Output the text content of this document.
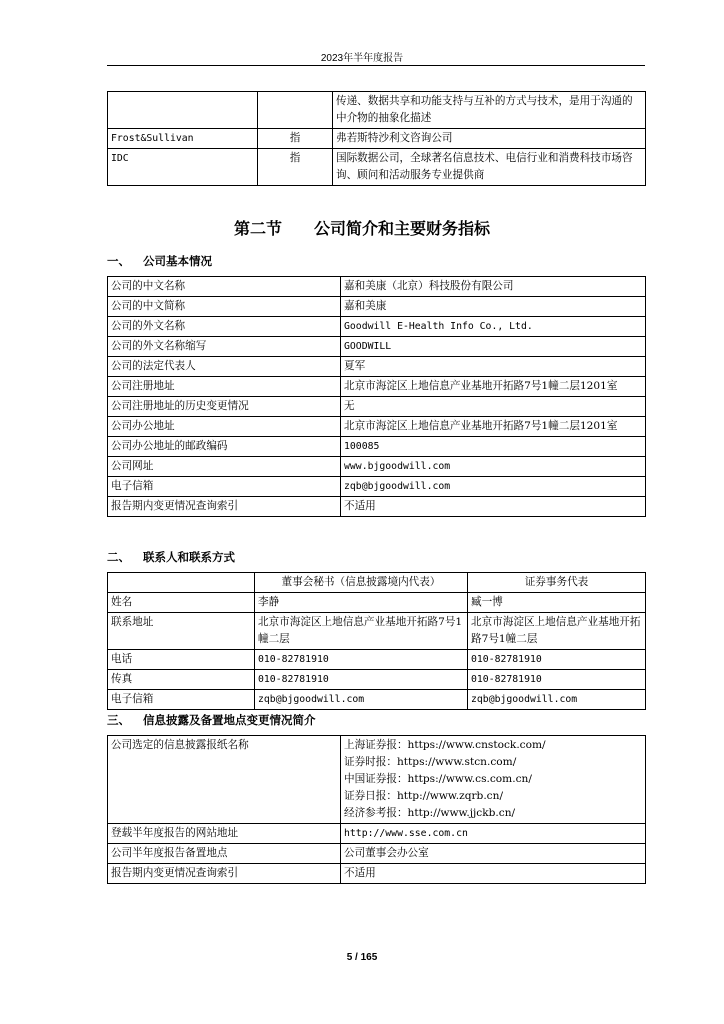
2023年半年度报告
		传递、数据共享和功能支持与互补的方式与技术，是用于沟通的中介物的抽象化描述
Frost&Sullivan	指	弗若斯特沙利文咨询公司
IDC	指	国际数据公司，全球著名信息技术、电信行业和消费科技市场咨询、顾问和活动服务专业提供商
第二节　　公司简介和主要财务指标
一、 公司基本情况
公司的中文名称	嘉和美康（北京）科技股份有限公司
公司的中文简称	嘉和美康
公司的外文名称	Goodwill E-Health Info Co., Ltd.
公司的外文名称缩写	GOODWILL
公司的法定代表人	夏军
公司注册地址	北京市海淀区上地信息产业基地开拓路7号1幢二层1201室
公司注册地址的历史变更情况	无
公司办公地址	北京市海淀区上地信息产业基地开拓路7号1幢二层1201室
公司办公地址的邮政编码	100085
公司网址	www.bjgoodwill.com
电子信箱	zqb@bjgoodwill.com
报告期内变更情况查询索引	不适用
二、 联系人和联系方式
	董事会秘书（信息披露境内代表）	证券事务代表
姓名	李静	臧一博
联系地址	北京市海淀区上地信息产业基地开拓路7号1幢二层	北京市海淀区上地信息产业基地开拓路7号1幢二层
电话	010-82781910	010-82781910
传真	010-82781910	010-82781910
电子信箱	zqb@bjgoodwill.com	zqb@bjgoodwill.com
三、 信息披露及备置地点变更情况简介
公司选定的信息披露报纸名称	上海证券报：https://www.cnstock.com/
证券时报：https://www.stcn.com/
中国证券报：https://www.cs.com.cn/
证券日报：http://www.zqrb.cn/
经济参考报：http://www.jjckb.cn/

登载半年度报告的网站地址	http://www.sse.com.cn
公司半年度报告备置地点	公司董事会办公室
报告期内变更情况查询索引	不适用
5 / 165
